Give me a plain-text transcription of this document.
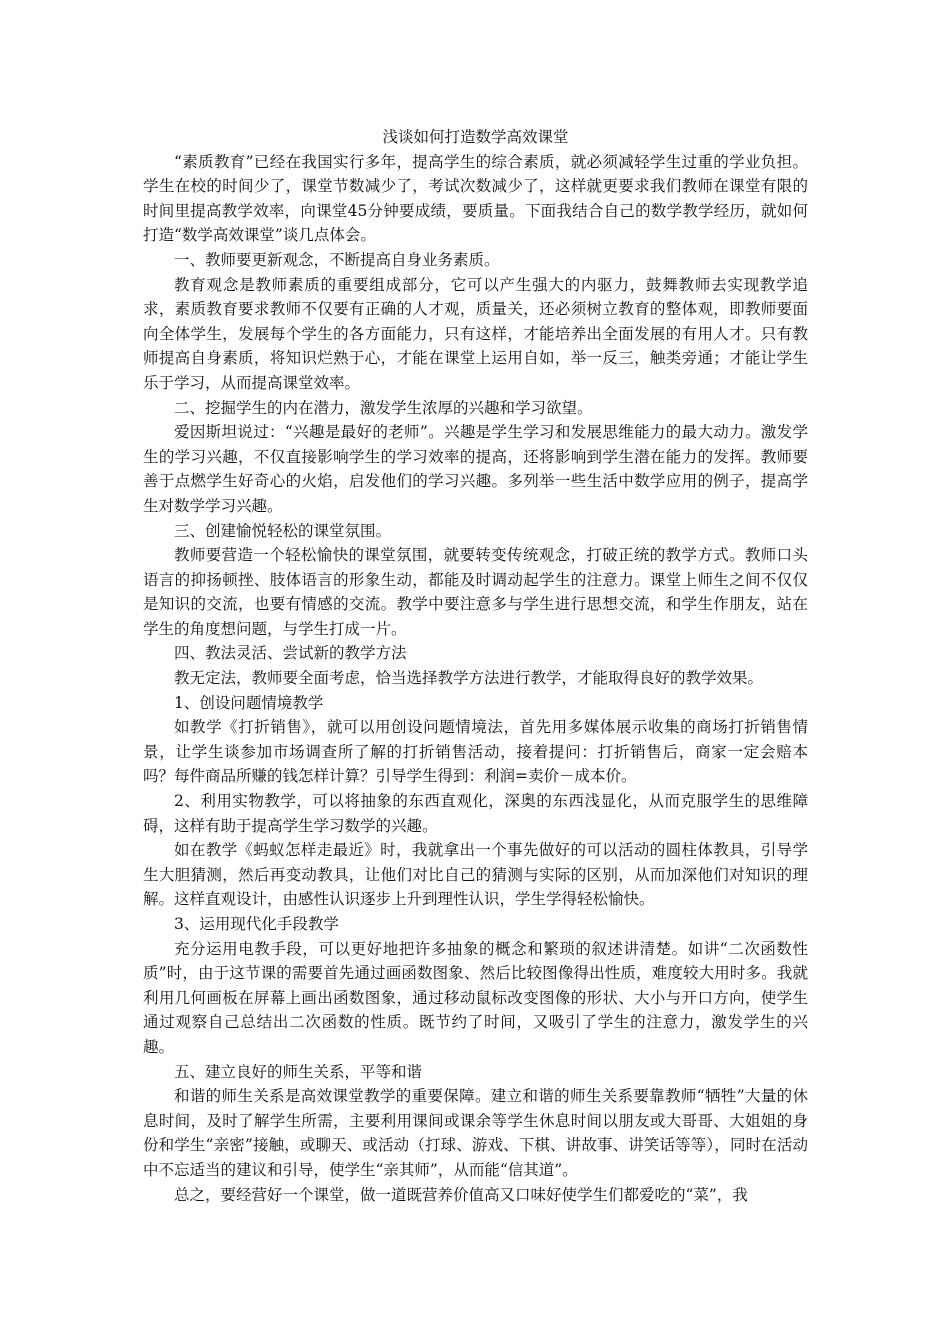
浅谈如何打造数学高效课堂

“素质教育”已经在我国实行多年，提高学生的综合素质，就必须减轻学生过重的学业负担。学生在校的时间少了，课堂节数减少了，考试次数减少了，这样就更要求我们教师在课堂有限的时间里提高教学效率，向课堂45分钟要成绩，要质量。下面我结合自己的数学教学经历，就如何打造“数学高效课堂”谈几点体会。

一、教师要更新观念，不断提高自身业务素质。

教育观念是教师素质的重要组成部分，它可以产生强大的内驱力，鼓舞教师去实现教学追求，素质教育要求教师不仅要有正确的人才观，质量关，还必须树立教育的整体观，即教师要面向全体学生，发展每个学生的各方面能力，只有这样，才能培养出全面发展的有用人才。只有教师提高自身素质，将知识烂熟于心，才能在课堂上运用自如，举一反三，触类旁通；才能让学生乐于学习，从而提高课堂效率。

二、挖掘学生的内在潜力，激发学生浓厚的兴趣和学习欲望。

爱因斯坦说过：“兴趣是最好的老师”。兴趣是学生学习和发展思维能力的最大动力。激发学生的学习兴趣，不仅直接影响学生的学习效率的提高，还将影响到学生潜在能力的发挥。教师要善于点燃学生好奇心的火焰，启发他们的学习兴趣。多列举一些生活中数学应用的例子，提高学生对数学学习兴趣。

三、创建愉悦轻松的课堂氛围。

教师要营造一个轻松愉快的课堂氛围，就要转变传统观念，打破正统的教学方式。教师口头语言的抑扬顿挫、肢体语言的形象生动，都能及时调动起学生的注意力。课堂上师生之间不仅仅是知识的交流，也要有情感的交流。教学中要注意多与学生进行思想交流，和学生作朋友，站在学生的角度想问题，与学生打成一片。

四、教法灵活、尝试新的教学方法

教无定法，教师要全面考虑，恰当选择教学方法进行教学，才能取得良好的教学效果。

1、创设问题情境教学

如教学《打折销售》，就可以用创设问题情境法，首先用多媒体展示收集的商场打折销售情景，让学生谈参加市场调查所了解的打折销售活动，接着提问：打折销售后，商家一定会赔本吗？每件商品所赚的钱怎样计算？引导学生得到：利润=卖价－成本价。

2、利用实物教学，可以将抽象的东西直观化，深奥的东西浅显化，从而克服学生的思维障碍，这样有助于提高学生学习数学的兴趣。

如在教学《蚂蚁怎样走最近》时，我就拿出一个事先做好的可以活动的圆柱体教具，引导学生大胆猜测，然后再变动教具，让他们对比自己的猜测与实际的区别，从而加深他们对知识的理解。这样直观设计，由感性认识逐步上升到理性认识，学生学得轻松愉快。

3、运用现代化手段教学

充分运用电教手段，可以更好地把许多抽象的概念和繁琐的叙述讲清楚。如讲“二次函数性质”时，由于这节课的需要首先通过画函数图象、然后比较图像得出性质，难度较大用时多。我就利用几何画板在屏幕上画出函数图象，通过移动鼠标改变图像的形状、大小与开口方向，使学生通过观察自己总结出二次函数的性质。既节约了时间，又吸引了学生的注意力，激发学生的兴趣。

五、建立良好的师生关系，平等和谐

和谐的师生关系是高效课堂教学的重要保障。建立和谐的师生关系要靠教师“牺牲”大量的休息时间，及时了解学生所需，主要利用课间或课余等学生休息时间以朋友或大哥哥、大姐姐的身份和学生“亲密”接触，或聊天、或活动（打球、游戏、下棋、讲故事、讲笑话等等），同时在活动中不忘适当的建议和引导，使学生“亲其师”，从而能“信其道”。

总之，要经营好一个课堂，做一道既营养价值高又口味好使学生们都爱吃的“菜”，我
